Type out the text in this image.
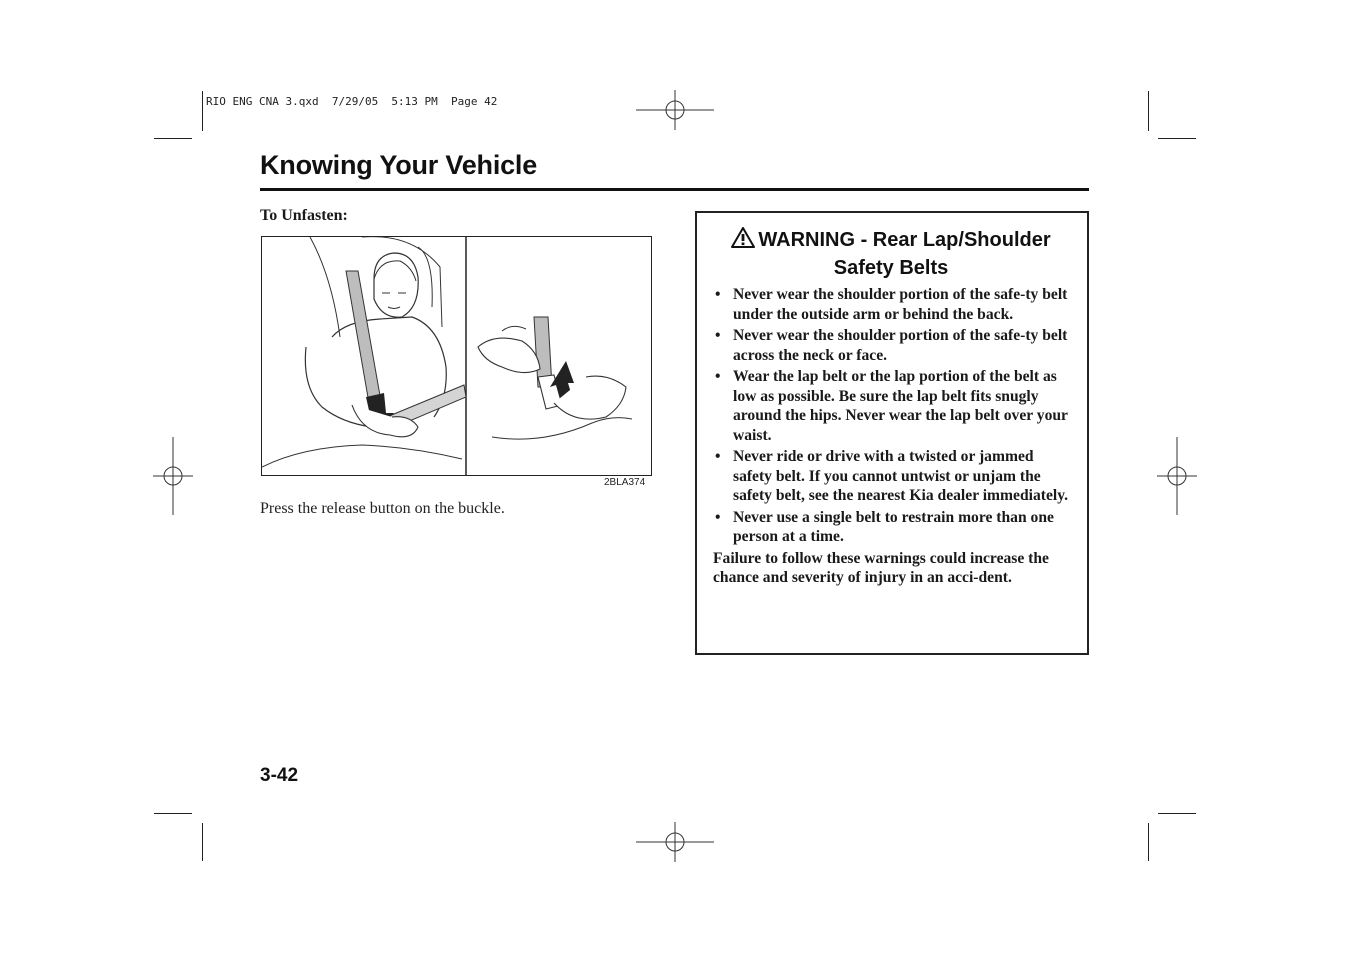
RIO ENG CNA 3.qxd  7/29/05  5:13 PM  Page 42
Knowing Your Vehicle
To Unfasten:
2BLA374
Press the release button on the buckle.
WARNING - Rear Lap/Shoulder
Safety Belts
• Never wear the shoulder portion of the safe-ty belt under the outside arm or behind the back.
• Never wear the shoulder portion of the safe-ty belt across the neck or face.
• Wear the lap belt or the lap portion of the belt as low as possible. Be sure the lap belt fits snugly around the hips. Never wear the lap belt over your waist.
• Never ride or drive with a twisted or jammed safety belt. If you cannot untwist or unjam the safety belt, see the nearest Kia dealer immediately.
• Never use a single belt to restrain more than one person at a time.
Failure to follow these warnings could increase the chance and severity of injury in an acci-dent.
3-42
